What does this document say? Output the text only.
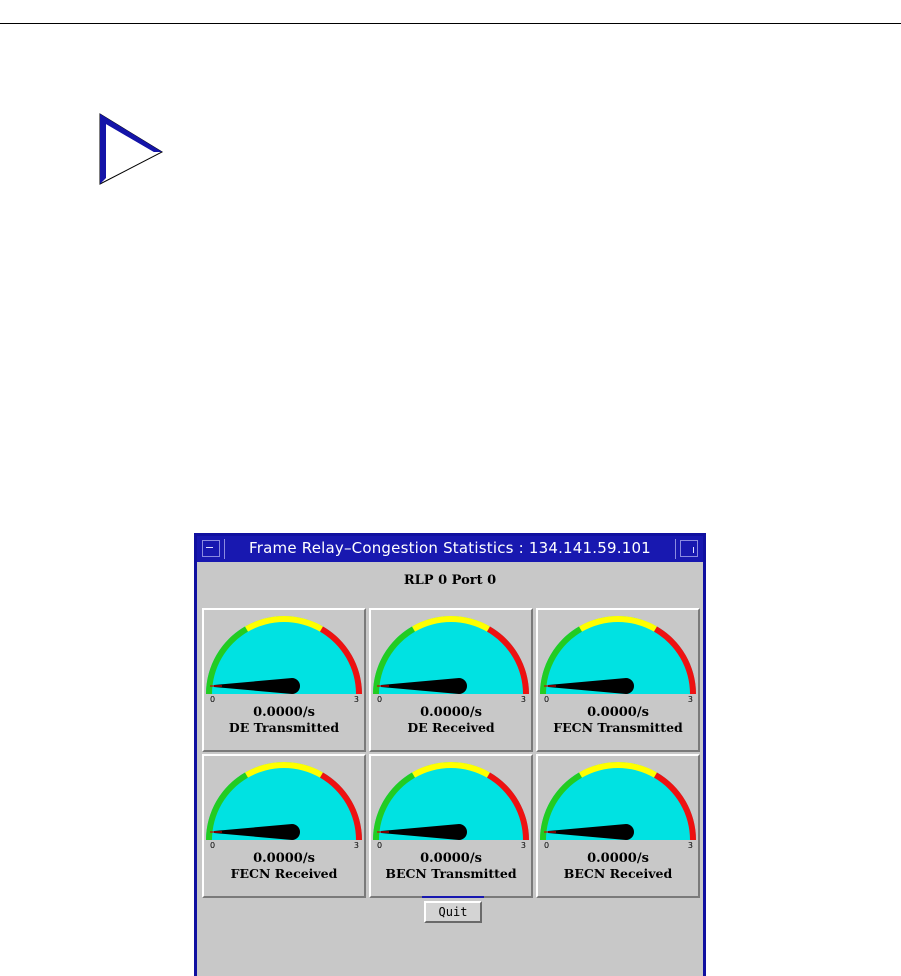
Frame Relay–Congestion Statistics : 134.141.59.101
RLP 0 Port 0
0	3
0.0000/s
DE Transmitted
0	3
0.0000/s
DE Received
0	3
0.0000/s
FECN Transmitted
0	3
0.0000/s
FECN Received
0	3
0.0000/s
BECN Transmitted
0	3
0.0000/s
BECN Received
Quit
